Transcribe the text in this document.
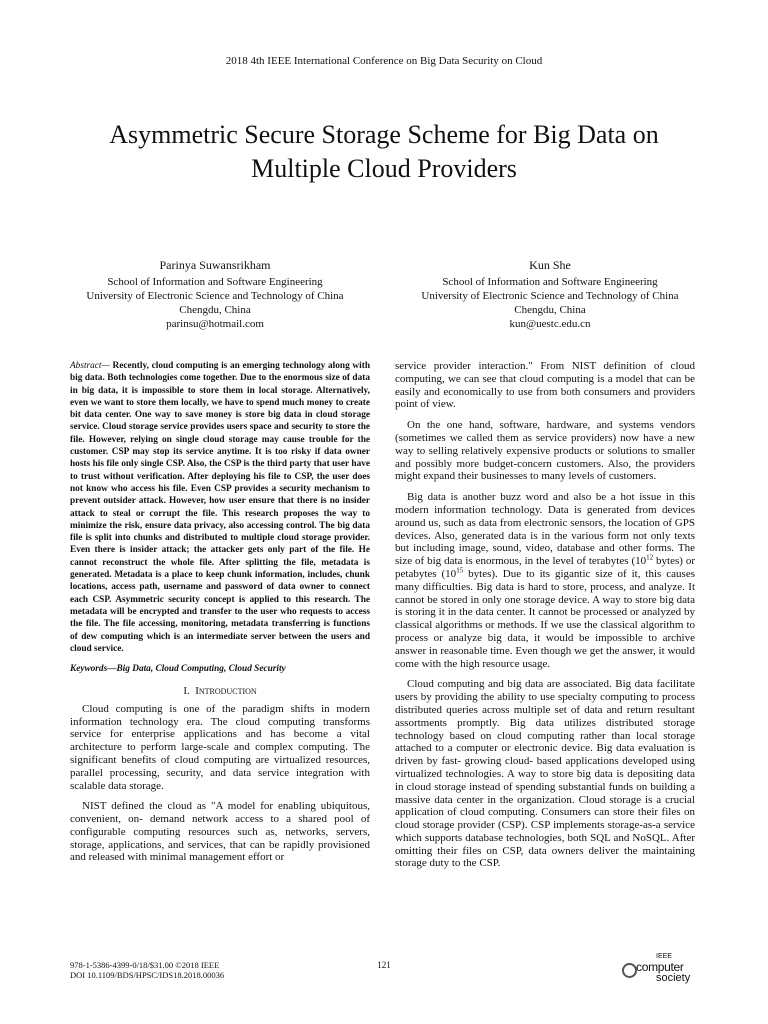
2018 4th IEEE International Conference on Big Data Security on Cloud
Asymmetric Secure Storage Scheme for Big Data on
Multiple Cloud Providers
Parinya Suwansrikham
School of Information and Software Engineering
University of Electronic Science and Technology of China
Chengdu, China
parinsu@hotmail.com
Kun She
School of Information and Software Engineering
University of Electronic Science and Technology of China
Chengdu, China
kun@uestc.edu.cn
Abstract— Recently, cloud computing is an emerging technology along with big data. Both technologies come together. Due to the enormous size of data in big data, it is impossible to store them in local storage. Alternatively, even we want to store them locally, we have to spend much money to create bit data center. One way to save money is store big data in cloud storage service. Cloud storage service provides users space and security to store the file. However, relying on single cloud storage may cause trouble for the customer. CSP may stop its service anytime. It is too risky if data owner hosts his file only single CSP. Also, the CSP is the third party that user have to trust without verification. After deploying his file to CSP, the user does not know who access his file. Even CSP provides a security mechanism to prevent outsider attack. However, how user ensure that there is no insider attack to steal or corrupt the file. This research proposes the way to minimize the risk, ensure data privacy, also accessing control. The big data file is split into chunks and distributed to multiple cloud storage provider. Even there is insider attack; the attacker gets only part of the file. He cannot reconstruct the whole file. After splitting the file, metadata is generated. Metadata is a place to keep chunk information, includes, chunk locations, access path, username and password of data owner to connect each CSP. Asymmetric security concept is applied to this research. The metadata will be encrypted and transfer to the user who requests to access the file. The file accessing, monitoring, metadata transferring is functions of dew computing which is an intermediate server between the users and cloud service.
Keywords—Big Data, Cloud Computing, Cloud Security
I. Introduction

Cloud computing is one of the paradigm shifts in modern information technology era. The cloud computing transforms service for enterprise applications and has become a vital architecture to perform large-scale and complex computing. The significant benefits of cloud computing are virtualized resources, parallel processing, security, and data service integration with scalable data storage.

NIST defined the cloud as "A model for enabling ubiquitous, convenient, on- demand network access to a shared pool of configurable computing resources such as, networks, servers, storage, applications, and services, that can be rapidly provisioned and released with minimal management effort or

service provider interaction." From NIST definition of cloud computing, we can see that cloud computing is a model that can be easily and economically to use from both consumers and providers point of view.

On the one hand, software, hardware, and systems vendors (sometimes we called them as service providers) now have a new way to selling relatively expensive products or solutions to smaller and possibly more budget-concern customers. Also, the providers might expand their businesses to many levels of customers.

Big data is another buzz word and also be a hot issue in this modern information technology. Data is generated from devices around us, such as data from electronic sensors, the location of GPS devices. Also, generated data is in the various form not only texts but including image, sound, video, database and other forms. The size of big data is enormous, in the level of terabytes ($10^{12}$ bytes) or petabytes ($10^{15}$ bytes). Due to its gigantic size of it, this causes many difficulties. Big data is hard to store, process, and analyze. It cannot be stored in only one storage device. A way to store big data is storing it in the data center. It cannot be processed or analyzed by classical algorithms or methods. If we use the classical algorithm to process or analyze big data, it would be impossible to archive answer in reasonable time. Even though we get the answer, it would come with the high resource usage.

Cloud computing and big data are associated. Big data facilitate users by providing the ability to use specialty computing to process distributed queries across multiple set of data and return resultant assortments promptly. Big data utilizes distributed storage technology based on cloud computing rather than local storage attached to a computer or electronic device. Big data evaluation is driven by fast- growing cloud- based applications developed using virtualized technologies. A way to store big data is depositing data in cloud storage instead of spending substantial funds on building a massive data center in the organization. Cloud storage is a crucial application of cloud computing. Consumers can store their files on cloud storage provider (CSP). CSP implements storage-as-a service which supports database technologies, both SQL and NoSQL. After omitting their files on CSP, data owners deliver the maintaining storage duty to the CSP.

978-1-5386-4399-0/18/$31.00 ©2018 IEEE
DOI 10.1109/BDS/HPSC/IDS18.2018.00036
121
IEEE
computer
society
